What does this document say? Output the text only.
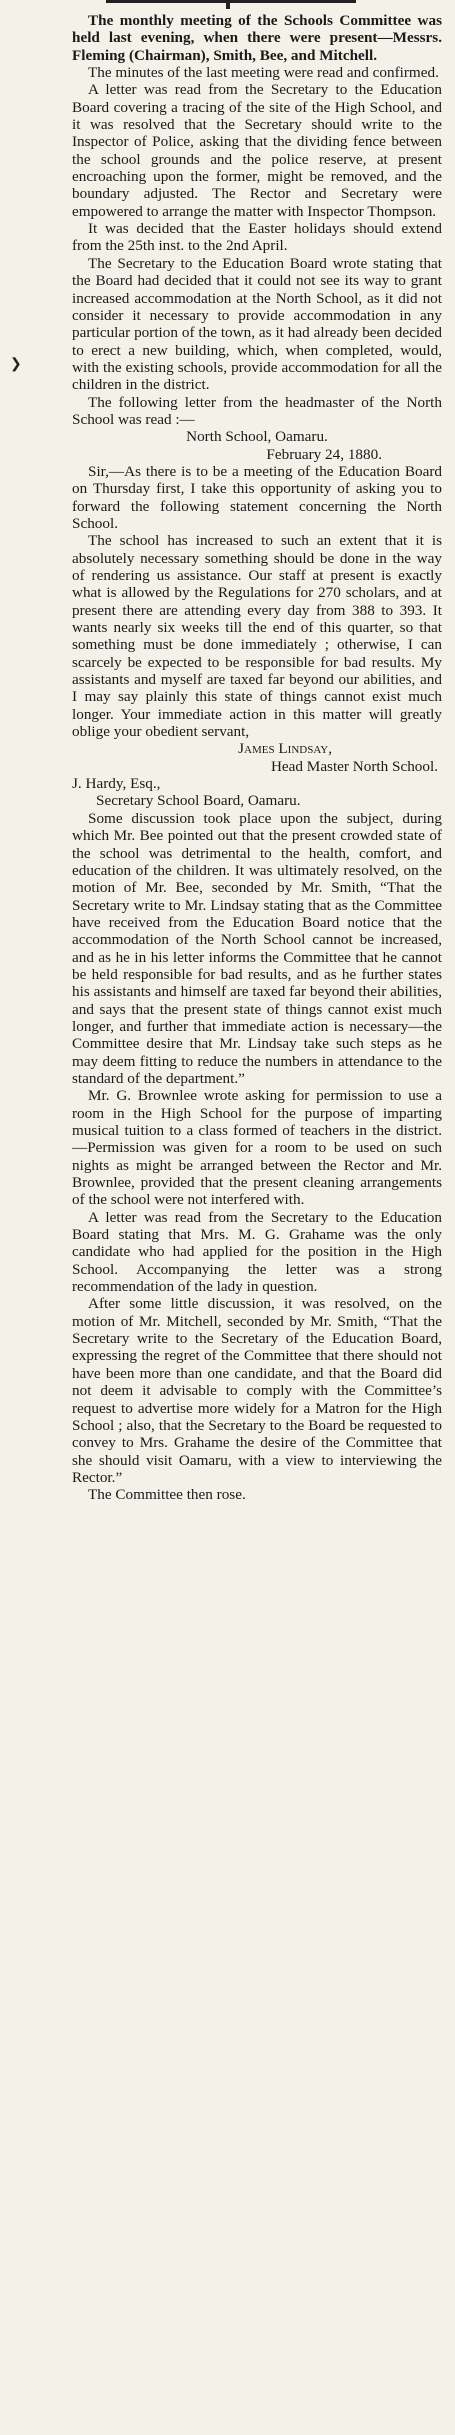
❯

The monthly meeting of the Schools Committee was held last evening, when there were present—Messrs. Fleming (Chairman), Smith, Bee, and Mitchell.

The minutes of the last meeting were read and confirmed.

A letter was read from the Secretary to the Education Board covering a tracing of the site of the High School, and it was resolved that the Secretary should write to the Inspector of Police, asking that the dividing fence between the school grounds and the police reserve, at present encroaching upon the former, might be removed, and the boundary adjusted. The Rector and Secretary were empowered to arrange the matter with Inspector Thompson.

It was decided that the Easter holidays should extend from the 25th inst. to the 2nd April.

The Secretary to the Education Board wrote stating that the Board had decided that it could not see its way to grant increased accommodation at the North School, as it did not consider it necessary to provide accommodation in any particular portion of the town, as it had already been decided to erect a new building, which, when completed, would, with the existing schools, provide accommodation for all the children in the district.

The following letter from the headmaster of the North School was read :—

North School, Oamaru.

February 24, 1880.

Sir,—As there is to be a meeting of the Education Board on Thursday first, I take this opportunity of asking you to forward the following statement concerning the North School.

The school has increased to such an extent that it is absolutely necessary something should be done in the way of rendering us assistance. Our staff at present is exactly what is allowed by the Regulations for 270 scholars, and at present there are attending every day from 388 to 393. It wants nearly six weeks till the end of this quarter, so that something must be done immediately ; otherwise, I can scarcely be expected to be responsible for bad results. My assistants and myself are taxed far beyond our abilities, and I may say plainly this state of things cannot exist much longer. Your immediate action in this matter will greatly oblige your obedient servant,

James Lindsay,

Head Master North School.

J. Hardy, Esq.,

Secretary School Board, Oamaru.

Some discussion took place upon the subject, during which Mr. Bee pointed out that the present crowded state of the school was detrimental to the health, comfort, and education of the children. It was ultimately resolved, on the motion of Mr. Bee, seconded by Mr. Smith, “That the Secretary write to Mr. Lindsay stating that as the Committee have received from the Education Board notice that the accommodation of the North School cannot be increased, and as he in his letter informs the Committee that he cannot be held responsible for bad results, and as he further states his assistants and himself are taxed far beyond their abilities, and says that the present state of things cannot exist much longer, and further that immediate action is necessary—the Committee desire that Mr. Lindsay take such steps as he may deem fitting to reduce the numbers in attendance to the standard of the department.”

Mr. G. Brownlee wrote asking for permission to use a room in the High School for the purpose of imparting musical tuition to a class formed of teachers in the district.—Permission was given for a room to be used on such nights as might be arranged between the Rector and Mr. Brownlee, provided that the present cleaning arrangements of the school were not interfered with.

A letter was read from the Secretary to the Education Board stating that Mrs. M. G. Grahame was the only candidate who had applied for the position in the High School. Accompanying the letter was a strong recommendation of the lady in question.

After some little discussion, it was resolved, on the motion of Mr. Mitchell, seconded by Mr. Smith, “That the Secretary write to the Secretary of the Education Board, expressing the regret of the Committee that there should not have been more than one candidate, and that the Board did not deem it advisable to comply with the Committee’s request to advertise more widely for a Matron for the High School ; also, that the Secretary to the Board be requested to convey to Mrs. Grahame the desire of the Committee that she should visit Oamaru, with a view to interviewing the Rector.”

The Committee then rose.
